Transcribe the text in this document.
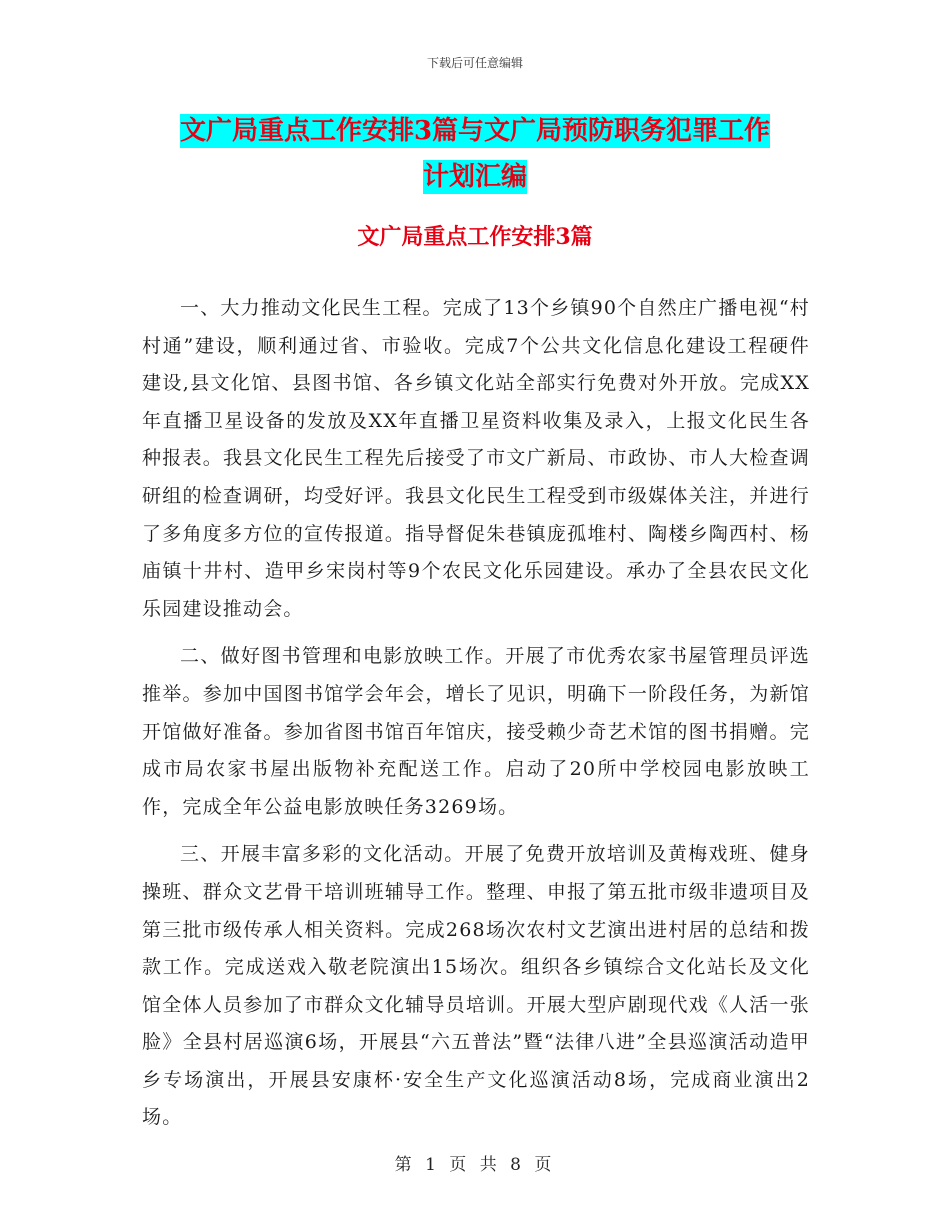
下载后可任意编辑
文广局重点工作安排3篇与文广局预防职务犯罪工作
计划汇编
文广局重点工作安排3篇

一、大力推动文化民生工程。完成了13个乡镇90个自然庄广播电视“村村通”建设，顺利通过省、市验收。完成7个公共文化信息化建设工程硬件建设,县文化馆、县图书馆、各乡镇文化站全部实行免费对外开放。完成XX年直播卫星设备的发放及XX年直播卫星资料收集及录入，上报文化民生各种报表。我县文化民生工程先后接受了市文广新局、市政协、市人大检查调研组的检查调研，均受好评。我县文化民生工程受到市级媒体关注，并进行了多角度多方位的宣传报道。指导督促朱巷镇庞孤堆村、陶楼乡陶西村、杨庙镇十井村、造甲乡宋岗村等9个农民文化乐园建设。承办了全县农民文化乐园建设推动会。

二、做好图书管理和电影放映工作。开展了市优秀农家书屋管理员评选推举。参加中国图书馆学会年会，增长了见识，明确下一阶段任务，为新馆开馆做好准备。参加省图书馆百年馆庆，接受赖少奇艺术馆的图书捐赠。完成市局农家书屋出版物补充配送工作。启动了20所中学校园电影放映工作，完成全年公益电影放映任务3269场。

三、开展丰富多彩的文化活动。开展了免费开放培训及黄梅戏班、健身操班、群众文艺骨干培训班辅导工作。整理、申报了第五批市级非遗项目及第三批市级传承人相关资料。完成268场次农村文艺演出进村居的总结和拨款工作。完成送戏入敬老院演出15场次。组织各乡镇综合文化站长及文化馆全体人员参加了市群众文化辅导员培训。开展大型庐剧现代戏《人活一张脸》全县村居巡演6场，开展县“六五普法”暨“法律八进”全县巡演活动造甲乡专场演出，开展县安康杯·安全生产文化巡演活动8场，完成商业演出2场。

第 1 页 共 8 页
